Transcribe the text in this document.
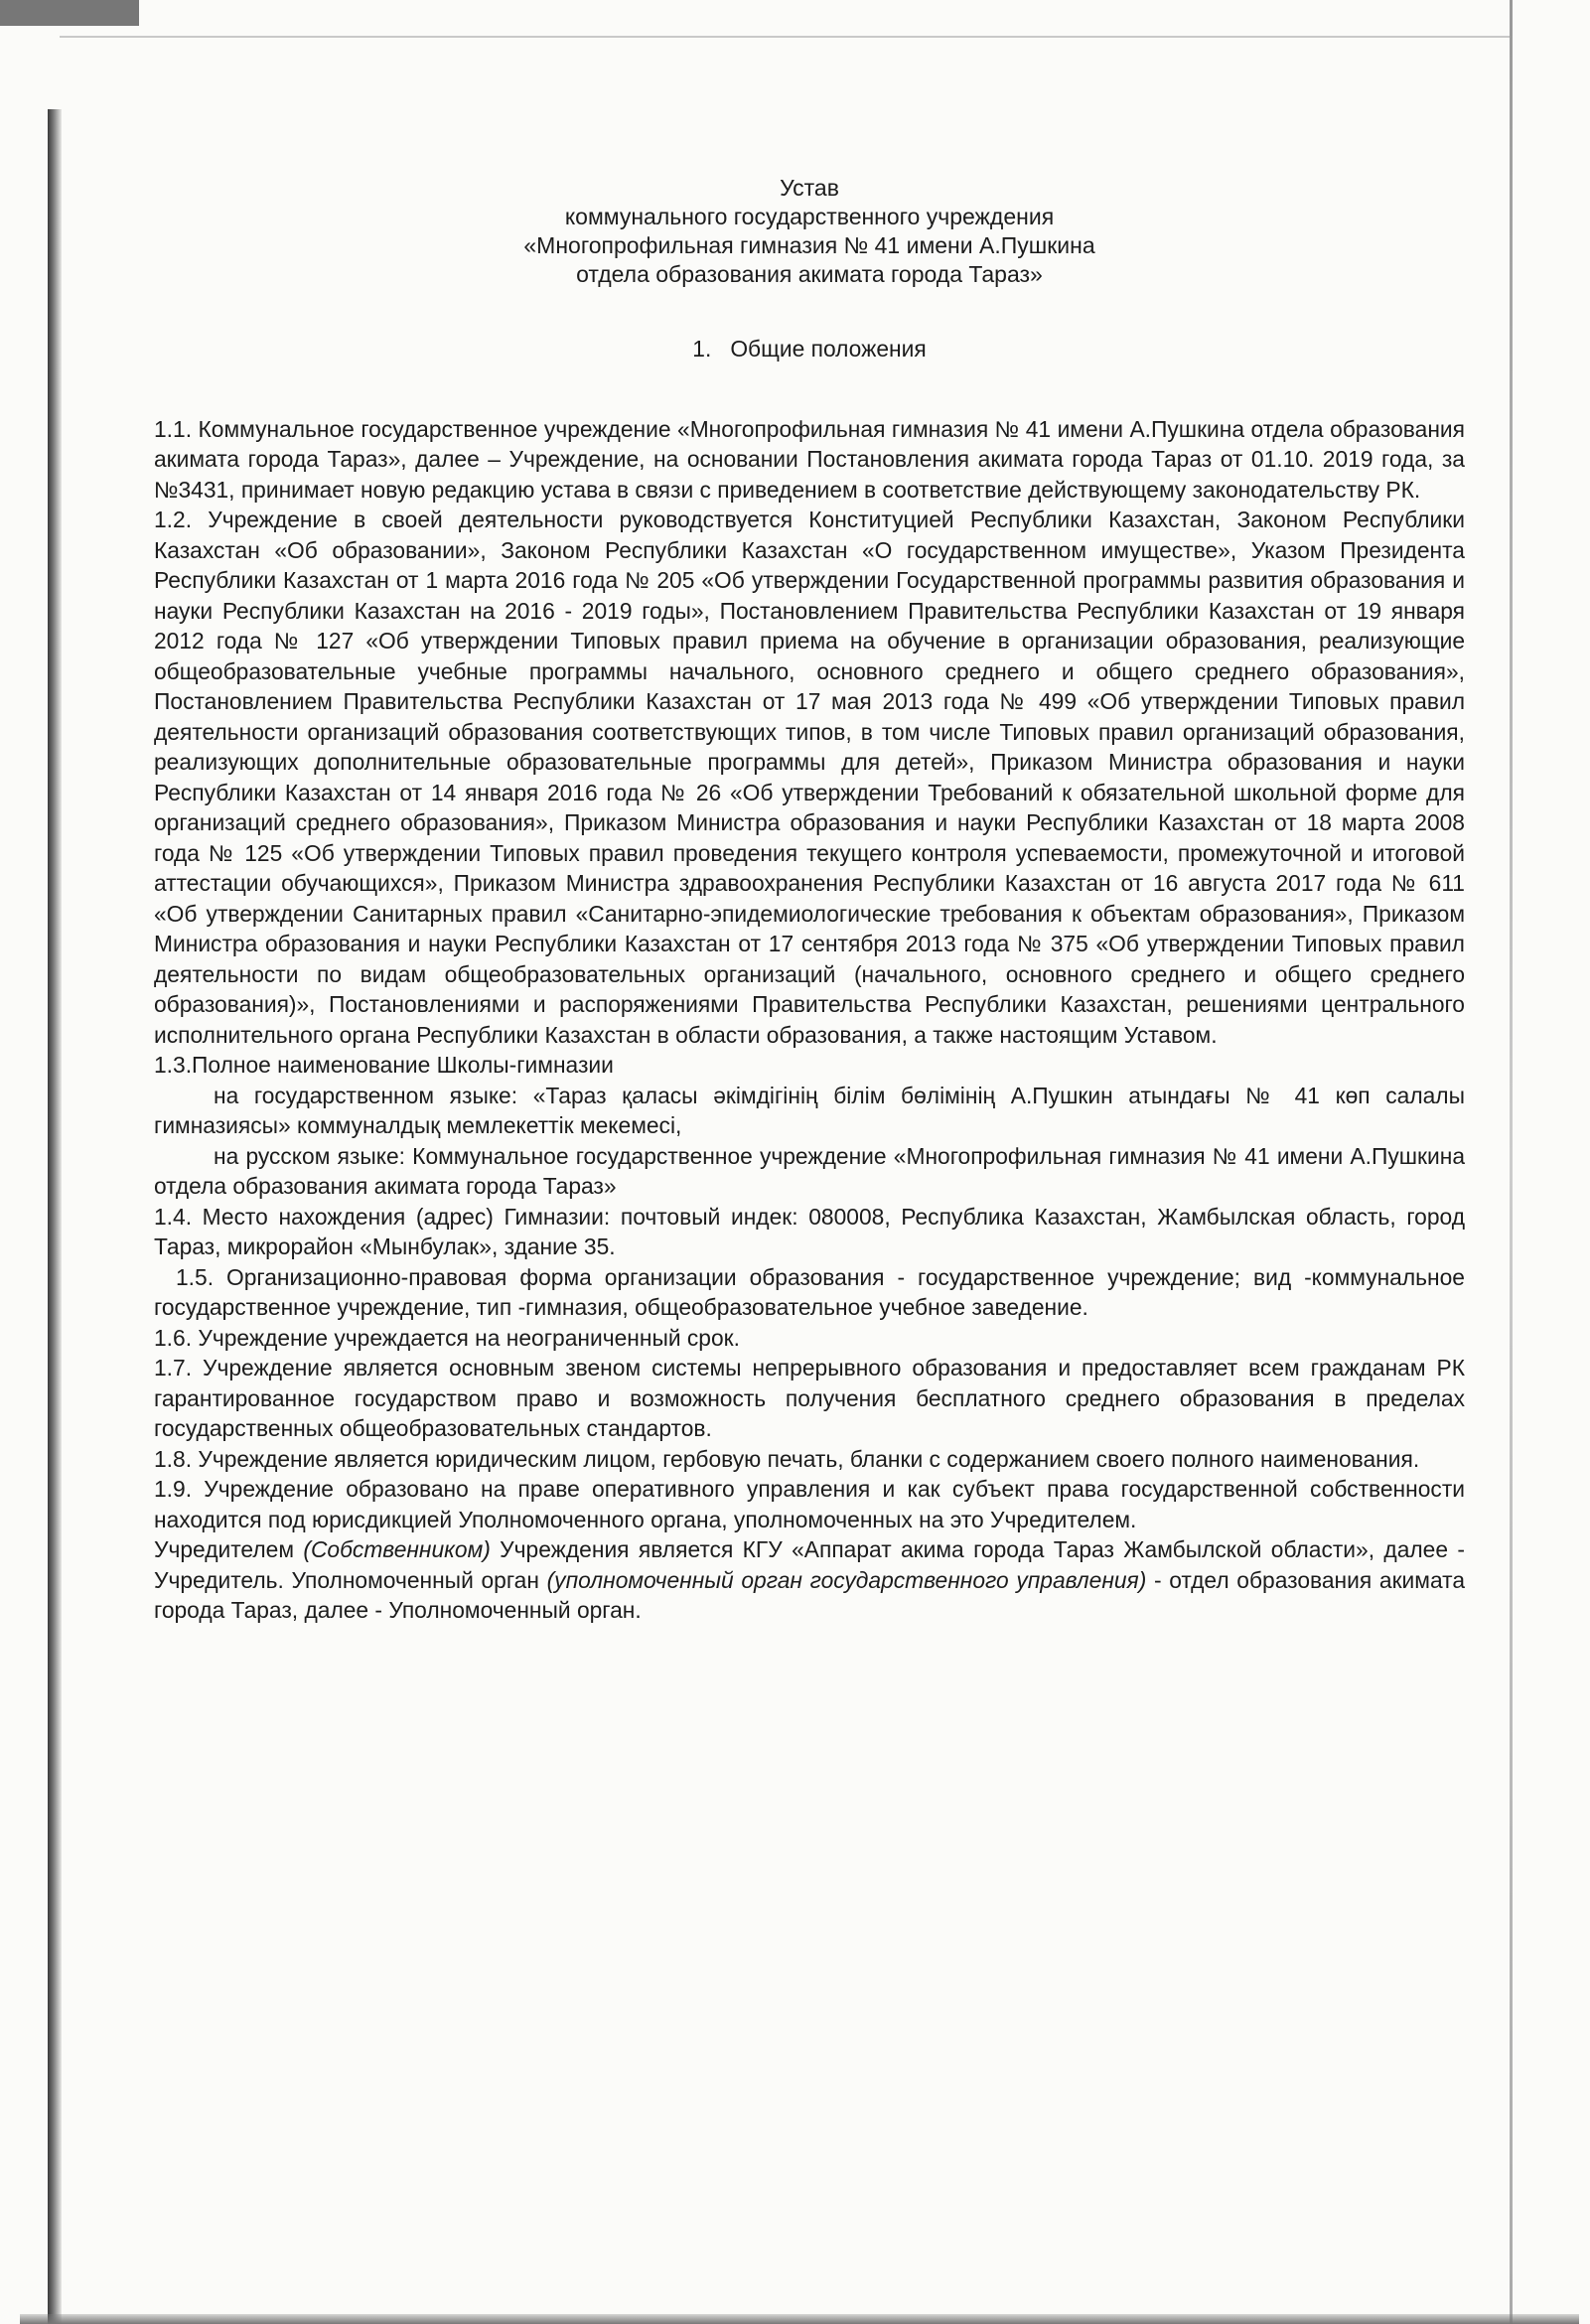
Устав
коммунального государственного учреждения
«Многопрофильная гимназия № 41 имени А.Пушкина
отдела образования акимата города Тараз»
1. Общие положения

1.1. Коммунальное государственное учреждение «Многопрофильная гимназия № 41 имени А.Пушкина отдела образования акимата города Тараз», далее – Учреждение, на основании Постановления акимата города Тараз от 01.10. 2019 года, за №3431, принимает новую редакцию устава в связи с приведением в соответствие действующему законодательству РК.

1.2. Учреждение в своей деятельности руководствуется Конституцией Республики Казахстан, Законом Республики Казахстан «Об образовании», Законом Республики Казахстан «О государственном имуществе», Указом Президента Республики Казахстан от 1 марта 2016 года № 205 «Об утверждении Государственной программы развития образования и науки Республики Казахстан на 2016 - 2019 годы», Постановлением Правительства Республики Казахстан от 19 января 2012 года № 127 «Об утверждении Типовых правил приема на обучение в организации образования, реализующие общеобразовательные учебные программы начального, основного среднего и общего среднего образования», Постановлением Правительства Республики Казахстан от 17 мая 2013 года № 499 «Об утверждении Типовых правил деятельности организаций образования соответствующих типов, в том числе Типовых правил организаций образования, реализующих дополнительные образовательные программы для детей», Приказом Министра образования и науки Республики Казахстан от 14 января 2016 года № 26 «Об утверждении Требований к обязательной школьной форме для организаций среднего образования», Приказом Министра образования и науки Республики Казахстан от 18 марта 2008 года № 125 «Об утверждении Типовых правил проведения текущего контроля успеваемости, промежуточной и итоговой аттестации обучающихся», Приказом Министра здравоохранения Республики Казахстан от 16 августа 2017 года № 611 «Об утверждении Санитарных правил «Санитарно-эпидемиологические требования к объектам образования», Приказом Министра образования и науки Республики Казахстан от 17 сентября 2013 года № 375 «Об утверждении Типовых правил деятельности по видам общеобразовательных организаций (начального, основного среднего и общего среднего образования)», Постановлениями и распоряжениями Правительства Республики Казахстан, решениями центрального исполнительного органа Республики Казахстан в области образования, а также настоящим Уставом.

1.3.Полное наименование Школы-гимназии

на государственном языке: «Тараз қаласы әкімдігінің білім бөлімінің А.Пушкин атындағы № 41 көп салалы гимназиясы» коммуналдық мемлекеттік мекемесі,

на русском языке: Коммунальное государственное учреждение «Многопрофильная гимназия № 41 имени А.Пушкина отдела образования акимата города Тараз»

1.4. Место нахождения (адрес) Гимназии: почтовый индек: 080008, Республика Казахстан, Жамбылская область, город Тараз, микрорайон «Мынбулак», здание 35.

1.5. Организационно-правовая форма организации образования - государственное учреждение; вид -коммунальное государственное учреждение, тип -гимназия, общеобразовательное учебное заведение.

1.6. Учреждение учреждается на неограниченный срок.

1.7. Учреждение является основным звеном системы непрерывного образования и предоставляет всем гражданам РК гарантированное государством право и возможность получения бесплатного среднего образования в пределах государственных общеобразовательных стандартов.

1.8. Учреждение является юридическим лицом, гербовую печать, бланки с содержанием своего полного наименования.

1.9. Учреждение образовано на праве оперативного управления и как субъект права государственной собственности находится под юрисдикцией Уполномоченного органа, уполномоченных на это Учредителем.

Учредителем (Собственником) Учреждения является КГУ «Аппарат акима города Тараз Жамбылской области», далее - Учредитель. Уполномоченный орган (уполномоченный орган государственного управления) - отдел образования акимата города Тараз, далее - Уполномоченный орган.
